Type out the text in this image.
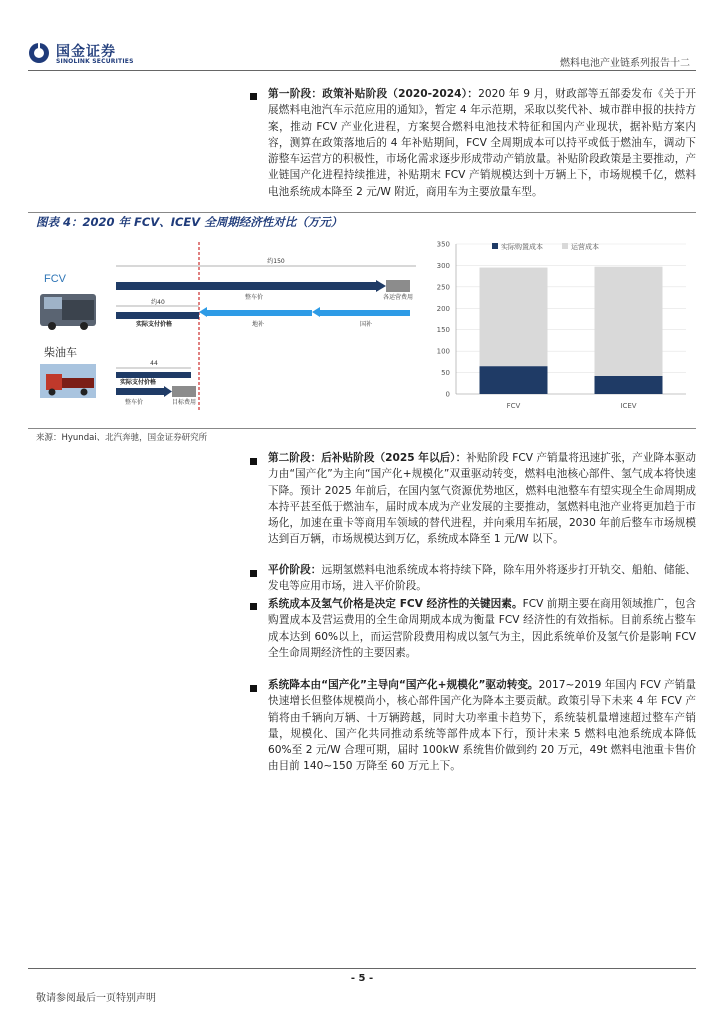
国金证券
SINOLINK SECURITIES	燃料电池产业链系列报告十二
第一阶段：政策补贴阶段（2020-2024）：2020 年 9 月，财政部等五部委发布《关于开展燃料电池汽车示范应用的通知》，暂定 4 年示范期，采取以奖代补、城市群申报的扶持方案，推动 FCV 产业化进程，方案契合燃料电池技术特征和国内产业现状，据补贴方案内容，测算在政策落地后的 4 年补贴期间，FCV 全周期成本可以持平或低于燃油车，调动下游整车运营方的积极性，市场化需求逐步形成带动产销放量。补贴阶段政策是主要推动，产业链国产化进程持续推进，补贴期末 FCV 产销规模达到十万辆上下，市场规模千亿，燃料电池系统成本降至 2 元/W 附近，商用车为主要放量车型。
图表 4：2020 年 FCV、ICEV 全周期经济性对比（万元）
FCV
柴油车
约150
整车价	各运营费用
约40
实际支付价格	地补	国补
44
实际支付价格
整车价	目标费用
0
50
100
150
200
250
300
350	实际购置成本	运营成本
FCV	ICEV
来源：Hyundai、北汽奔驰，国金证券研究所
第二阶段：后补贴阶段（2025 年以后）：补贴阶段 FCV 产销量将迅速扩张，产业降本驱动力由“国产化”为主向“国产化+规模化”双重驱动转变，燃料电池核心部件、氢气成本将快速下降。预计 2025 年前后，在国内氢气资源优势地区，燃料电池整车有望实现全生命周期成本持平甚至低于燃油车，届时成本成为产业发展的主要推动，氢燃料电池产业将更加趋于市场化，加速在重卡等商用车领域的替代进程，并向乘用车拓展，2030 年前后整车市场规模达到百万辆，市场规模达到万亿，系统成本降至 1 元/W 以下。
平价阶段：远期氢燃料电池系统成本将持续下降，除车用外将逐步打开轨交、船舶、储能、发电等应用市场，进入平价阶段。
系统成本及氢气价格是决定 FCV 经济性的关键因素。FCV 前期主要在商用领域推广，包含购置成本及营运费用的全生命周期成本成为衡量 FCV 经济性的有效指标。目前系统占整车成本达到 60%以上，而运营阶段费用构成以氢气为主，因此系统单价及氢气价是影响 FCV 全生命周期经济性的主要因素。
系统降本由“国产化”主导向“国产化+规模化”驱动转变。2017~2019 年国内 FCV 产销量快速增长但整体规模尚小，核心部件国产化为降本主要贡献。政策引导下未来 4 年 FCV 产销将由千辆向万辆、十万辆跨越，同时大功率重卡趋势下，系统装机量增速超过整车产销量，规模化、国产化共同推动系统等部件成本下行，预计未来 5 燃料电池系统成本降低 60%至 2 元/W 合理可期，届时 100kW 系统售价做到约 20 万元，49t 燃料电池重卡售价由目前 140~150 万降至 60 万元上下。
- 5 -
敬请参阅最后一页特别声明
